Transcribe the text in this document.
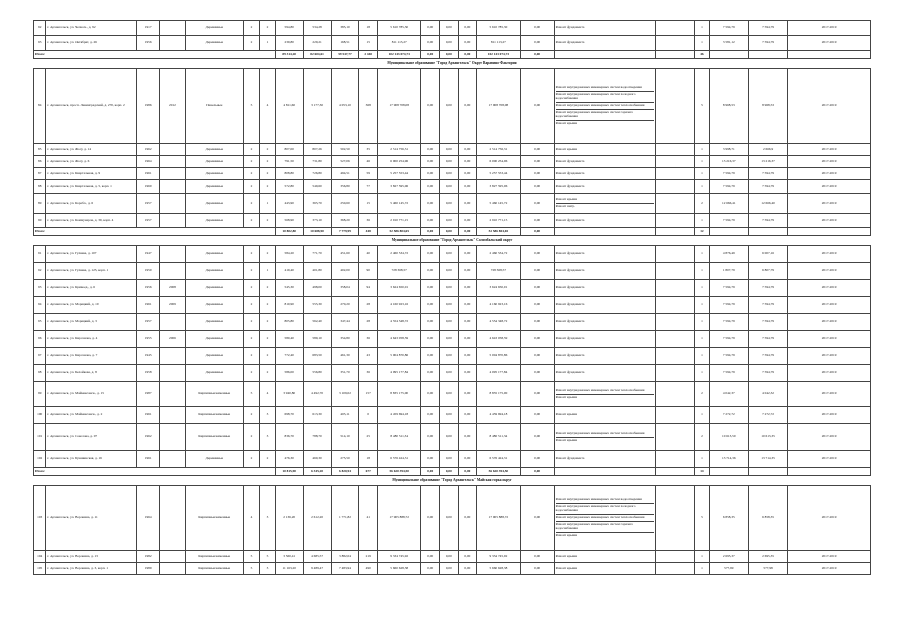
92	г. Архангельск, ул. Челюск., д. 92	1917		Деревянные	2	2	594,80	534,28	385,10	18	5 610 785,30	0,00	0,00	0,00	5 610 785,30	0,00	Ремонт фундамента		1	7 594,79	7 594,79	2017-2019
93	г. Архангельск, ул. Октябрят, д. 26	1956		Деревянные	2	1	239,80	229,21	168,51	15	811 113,27	0,00	0,00	0,00	811 113,27	0,00	Ремонт фундамента		1	3 581,12	7 594,79	2017-2019
Итого:							89 314,20	82 604,61	59 547,77	2 440	102 143 074,73	0,00	0,00	0,00	102 143 074,73	0,00			46			
Муниципальное образование "Город Архангельск" Округ Варавино-Фактория																						
84	г. Архангельск, просп. Ленинградский, д. 270, корп. 2	1986	2012	Панельные	5	4	4 811,60	3 177,30	4 053,10	368	17 908 708,08	0,00	0,00	0,00	17 908 708,08	0,00	Ремонт внутридомовых инженерных систем водоотведения
Ремонт внутридомовых инженерных систем холодного водоснабжения
Ремонт внутридомовых инженерных систем теплоснабжения
Ремонт внутридомовых инженерных систем горячего водоснабжения
Ремонт крыши		5	8 968,53	8 968,53	2017-2019
85	г. Архангельск, ул. Жосу, д. 14	1962		Деревянные	2	2	807,00	807,26	502,50	35	2 514 756,31	0,00	0,00	0,00	2 514 756,31	0,00	Ремонт крыши		1	3 998,71	2 666,9	2017-2019
86	г. Архангельск, ул. Жосу, д. 6	1964		Деревянные	2	2	791,50	731,80	527,06	46	6 000 254,96	0,00	0,00	0,00	6 000 254,96	0,00	Ремонт фундамента		1	13 216,37	13 216,37	2017-2019
87	г. Архангельск, ул. Квартальная, д. 9	1961		Деревянные	2	2	808,80	726,80	494,51	59	5 257 553,44	0,00	0,00	0,00	5 257 553,44	0,00	Ремонт фундамента		1	7 594,79	7 594,79	2017-2019
88	г. Архангельск, ул. Квартальная, д. 5, корп. 1	1960		Деревянные	2	2	572,80	549,60	356,80	77	3 827 595,06	0,00	0,00	0,00	3 827 595,06	0,00	Ремонт фундамента		1	7 594,79	7 594,79	2017-2019
89	г. Архангельск, ул. Корабл., д. 6	1957		Деревянные	2	1	443,90	365,70	250,60	15	5 460 145,72	0,00	0,00	0,00	5 460 145,72	0,00	Ремонт крыши
Ремонт шатр.		2	12 666,41	12 666,40	2017-2019
90	г. Архангельск, ул. Коммунаров, д. 39, корп. 4	1957		Деревянные	2	2	568,90	373,10	368,20	36	2 910 771,15	0,00	0,00	0,00	2 910 771,15	0,00	Ремонт фундамента		1	7 594,79	7 594,79	2017-2019
Итого:							10 802,80	10 688,90	7 779,99	448	52 586 804,65	0,00	0,00	0,00	52 586 804,65	0,00			12			
Муниципальное образование "Город Архангельск" Соломбальский округ																						
91	г. Архангельск, ул. Гуляева, д. 107	1947		Деревянные	2	2	584,20	771,70	451,60	40	2 460 534,72	0,00	0,00	0,00	2 460 534,72	0,00	Ремонт фундамента		1	4 876,49	6 007,16	2017-2019
92	г. Архангельск, ул. Гуляева, д. 123, корп. 1	1950		Деревянные	2	1	419,40	401,80	402,00	90	728 368,57	0,00	0,00	0,00	728 368,57	0,00	Ремонт фундамента		1	1 807,79	6 807,79	2017-2019
93	г. Архангельск, ул. Кривоед., д. 6	1956	2008	Деревянные	2	2	545,30	498,00	358,04	94	3 624 650,01	0,00	0,00	0,00	3 624 650,01	0,00	Ремонт фундамента		1	7 594,79	7 594,79	2017-2019
94	г. Архангельск, ул. Моряцкий, д. 10	1961	2009	Деревянные	2	2	810,90	555,30	270,20	28	4 160 923,16	0,00	0,00	0,00	4 160 923,16	0,00	Ремонт фундамента		1	7 594,79	7 594,79	2017-2019
95	г. Архангельск, ул. Моряцкий, д. 3	1957		Деревянные	2	2	805,80	562,40	347,44	28	4 554 348,72	0,00	0,00	0,00	4 554 348,72	0,00	Ремонт фундамента		1	7 594,79	7 594,79	2017-2019
96	г. Архангельск, ул. Кирсанова, д. 4	1955	2006	Деревянные	2	2	580,40	589,10	354,80	36	4 643 058,59	0,00	0,00	0,00	4 643 058,59	0,00	Ремонт фундамента		1	7 594,79	7 594,79	2017-2019
97	г. Архангельск, ул. Кирсанова, д. 7	1945		Деревянные	2	2	772,40	683,50	461,30	43	5 004 870,86	0,00	0,00	0,00	5 004 870,86	0,00	Ремонт фундамента		1	7 594,79	7 594,79	2017-2019
98	г. Архангельск, ул. Белойкова, д. 8	1958		Деревянные	2	2	586,00	556,80	351,70	36	4 095 177,84	0,00	0,00	0,00	4 095 177,84	0,00	Ремонт фундамента		1	7 594,79	7 594,79	2017-2019
99	г. Архангельск, ул. Маймаксанск., д. 15	1987		Кирпичные/каменные	5	4	3 940,80	4 492,70	3 109,02	157	8 835 175,00	0,00	0,00	0,00	8 835 175,00	0,00	Ремонт внутридомовых инженерных систем теплоснабжения
Ремонт крыши		2	4 042,37	4 042,32	2017-2019
100	г. Архангельск, ул. Маймаксанск., д. 2	1961		Кирпичные/каменные	2	3	698,70	613,30	403,11	0	4 459 694,18	0,00	0,00	0,00	4 459 694,18	0,00	Ремонт крыши		1	7 272,72	7 272,72	2017-2019
101	г. Архангельск, ул. Соколова, д. 07	1962		Кирпичные/каменные	2	3	836,70	788,70	514,10	25	8 480 511,34	0,00	0,00	0,00	8 480 511,34	0,00	Ремонт внутридомовых инженерных систем теплоснабжения
Ремонт крыши		2	10 613,50	10 613,35	2017-2019
102	г. Архангельск, ул. Бунавинская, д. 16	1961		Деревянные	2	2	476,30	460,30	275,50	18	6 576 424,31	0,00	0,00	0,00	6 576 424,31	0,00	Ремонт фундамента		1	13 714,36	13 714,35	2017-2019
Итого:							10 815,90	6 345,20	6 820,94	677	56 620 394,50	0,00	0,00	0,00	56 620 394,50	0,00			14			
Муниципальное образование "Город Архангельск" Майская горка округ																						
103	г. Архангельск, ул. Воронина, д. 11	1964		Кирпичные/каменные	4	3	2 136,20	2 612,20	1 771,82	41	17 905 888,72	0,00	0,00	0,00	17 905 888,72	0,00	Ремонт внутридомовых инженерных систем водоотведения
Ремонт внутридомовых инженерных систем холодного водоснабжения
Ремонт внутридомовых инженерных систем теплоснабжения
Ремонт внутридомовых инженерных систем горячего водоснабжения
Ремонт крыши		5	6 858,35	6 858,35	2017-2019
104	г. Архангельск, ул. Воронина, д. 13	1982		Кирпичные/каменные	5	5	3 560,41	4 685,57	3 882,04	219	9 334 745,92	0,00	0,00	0,00	9 334 745,92	0,00	Ремонт крыши		1	2 695,37	2 695,35	2017-2019
105	г. Архангельск, ул. Воронина, д. 3, корп. 1	1989		Кирпичные/каменные	5	3	11 163,20	9 489,47	7 483,94	490	5 660 628,38	0,00	0,00	0,00	5 660 628,38	0,00	Ремонт крыши		1	577,99	577,98	2017-2019
